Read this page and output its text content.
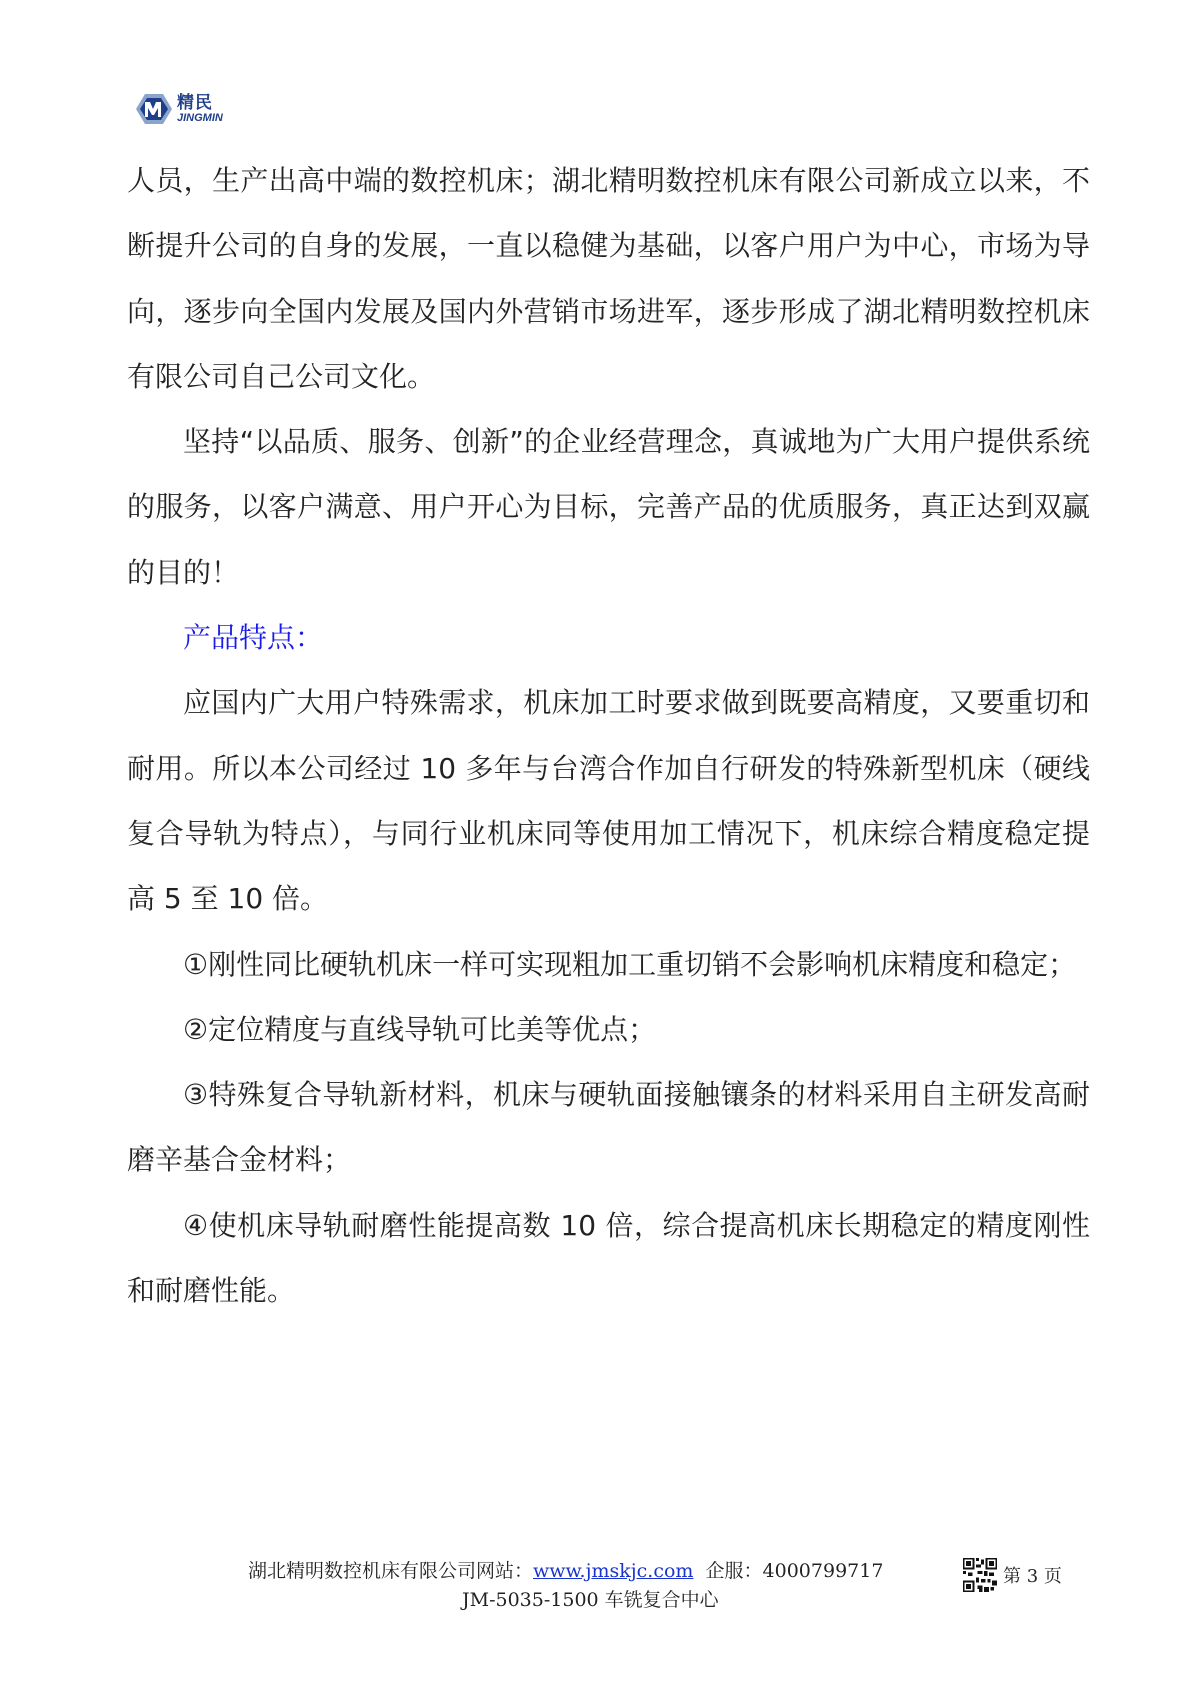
精民
JINGMIN

人员，生产出高中端的数控机床；湖北精明数控机床有限公司新成立以来，不断提升公司的自身的发展，一直以稳健为基础，以客户用户为中心，市场为导向，逐步向全国内发展及国内外营销市场进军，逐步形成了湖北精明数控机床有限公司自己公司文化。

坚持“以品质、服务、创新”的企业经营理念，真诚地为广大用户提供系统的服务，以客户满意、用户开心为目标，完善产品的优质服务，真正达到双赢的目的！

产品特点：

应国内广大用户特殊需求，机床加工时要求做到既要高精度，又要重切和耐用。所以本公司经过 10 多年与台湾合作加自行研发的特殊新型机床（硬线复合导轨为特点），与同行业机床同等使用加工情况下，机床综合精度稳定提高 5 至 10 倍。

①刚性同比硬轨机床一样可实现粗加工重切销不会影响机床精度和稳定；

②定位精度与直线导轨可比美等优点；

③特殊复合导轨新材料，机床与硬轨面接触镶条的材料采用自主研发高耐磨辛基合金材料；

④使机床导轨耐磨性能提高数 10 倍，综合提高机床长期稳定的精度刚性和耐磨性能。

湖北精明数控机床有限公司网站：www.jmskjc.com 企服：4000799717
JM-5035-1500 车铣复合中心
第 3 页
